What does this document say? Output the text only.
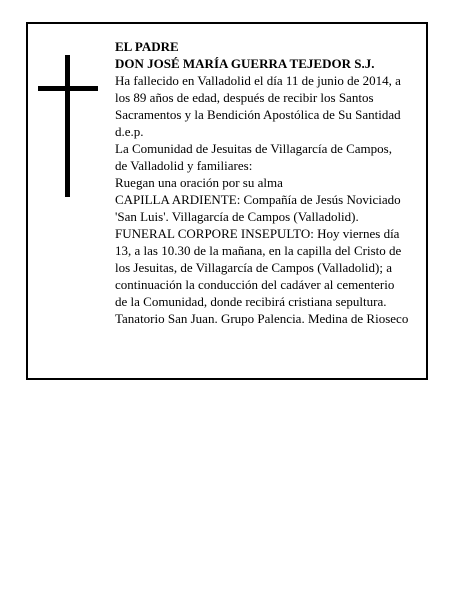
EL PADRE

DON JOSÉ MARÍA GUERRA TEJEDOR S.J.

Ha fallecido en Valladolid el día 11 de junio de 2014, a

los 89 años de edad, después de recibir los Santos

Sacramentos y la Bendición Apostólica de Su Santidad

d.e.p.

La Comunidad de Jesuitas de Villagarcía de Campos,

de Valladolid y familiares:

Ruegan una oración por su alma

CAPILLA ARDIENTE: Compañía de Jesús Noviciado

'San Luis'. Villagarcía de Campos (Valladolid).

FUNERAL CORPORE INSEPULTO: Hoy viernes día

13, a las 10.30 de la mañana, en la capilla del Cristo de

los Jesuitas, de Villagarcía de Campos (Valladolid); a

continuación la conducción del cadáver al cementerio

de la Comunidad, donde recibirá cristiana sepultura.

Tanatorio San Juan. Grupo Palencia. Medina de Rioseco
